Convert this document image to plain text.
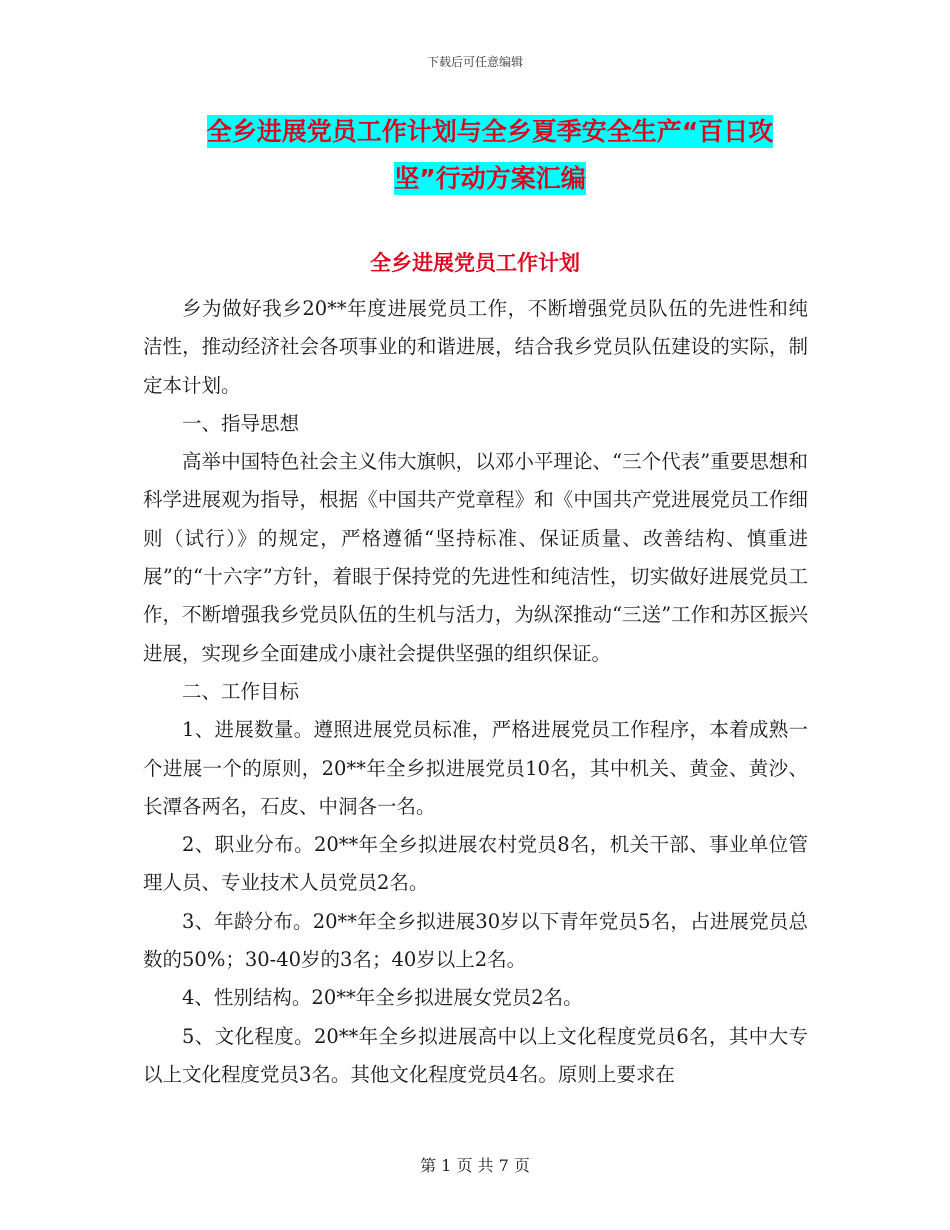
下载后可任意编辑
全乡进展党员工作计划与全乡夏季安全生产“百日攻
坚”行动方案汇编
全乡进展党员工作计划

乡为做好我乡20**年度进展党员工作，不断增强党员队伍的先进性和纯洁性，推动经济社会各项事业的和谐进展，结合我乡党员队伍建设的实际，制定本计划。

一、指导思想

高举中国特色社会主义伟大旗帜，以邓小平理论、“三个代表”重要思想和科学进展观为指导，根据《中国共产党章程》和《中国共产党进展党员工作细则（试行）》的规定，严格遵循“坚持标准、保证质量、改善结构、慎重进展”的“十六字”方针，着眼于保持党的先进性和纯洁性，切实做好进展党员工作，不断增强我乡党员队伍的生机与活力，为纵深推动“三送”工作和苏区振兴进展，实现乡全面建成小康社会提供坚强的组织保证。

二、工作目标

1、进展数量。遵照进展党员标准，严格进展党员工作程序，本着成熟一个进展一个的原则，20**年全乡拟进展党员10名，其中机关、黄金、黄沙、长潭各两名，石皮、中洞各一名。

2、职业分布。20**年全乡拟进展农村党员8名，机关干部、事业单位管理人员、专业技术人员党员2名。

3、年龄分布。20**年全乡拟进展30岁以下青年党员5名，占进展党员总数的50%；30-40岁的3名；40岁以上2名。

4、性别结构。20**年全乡拟进展女党员2名。

5、文化程度。20**年全乡拟进展高中以上文化程度党员6名，其中大专以上文化程度党员3名。其他文化程度党员4名。原则上要求在

第 1 页 共 7 页
